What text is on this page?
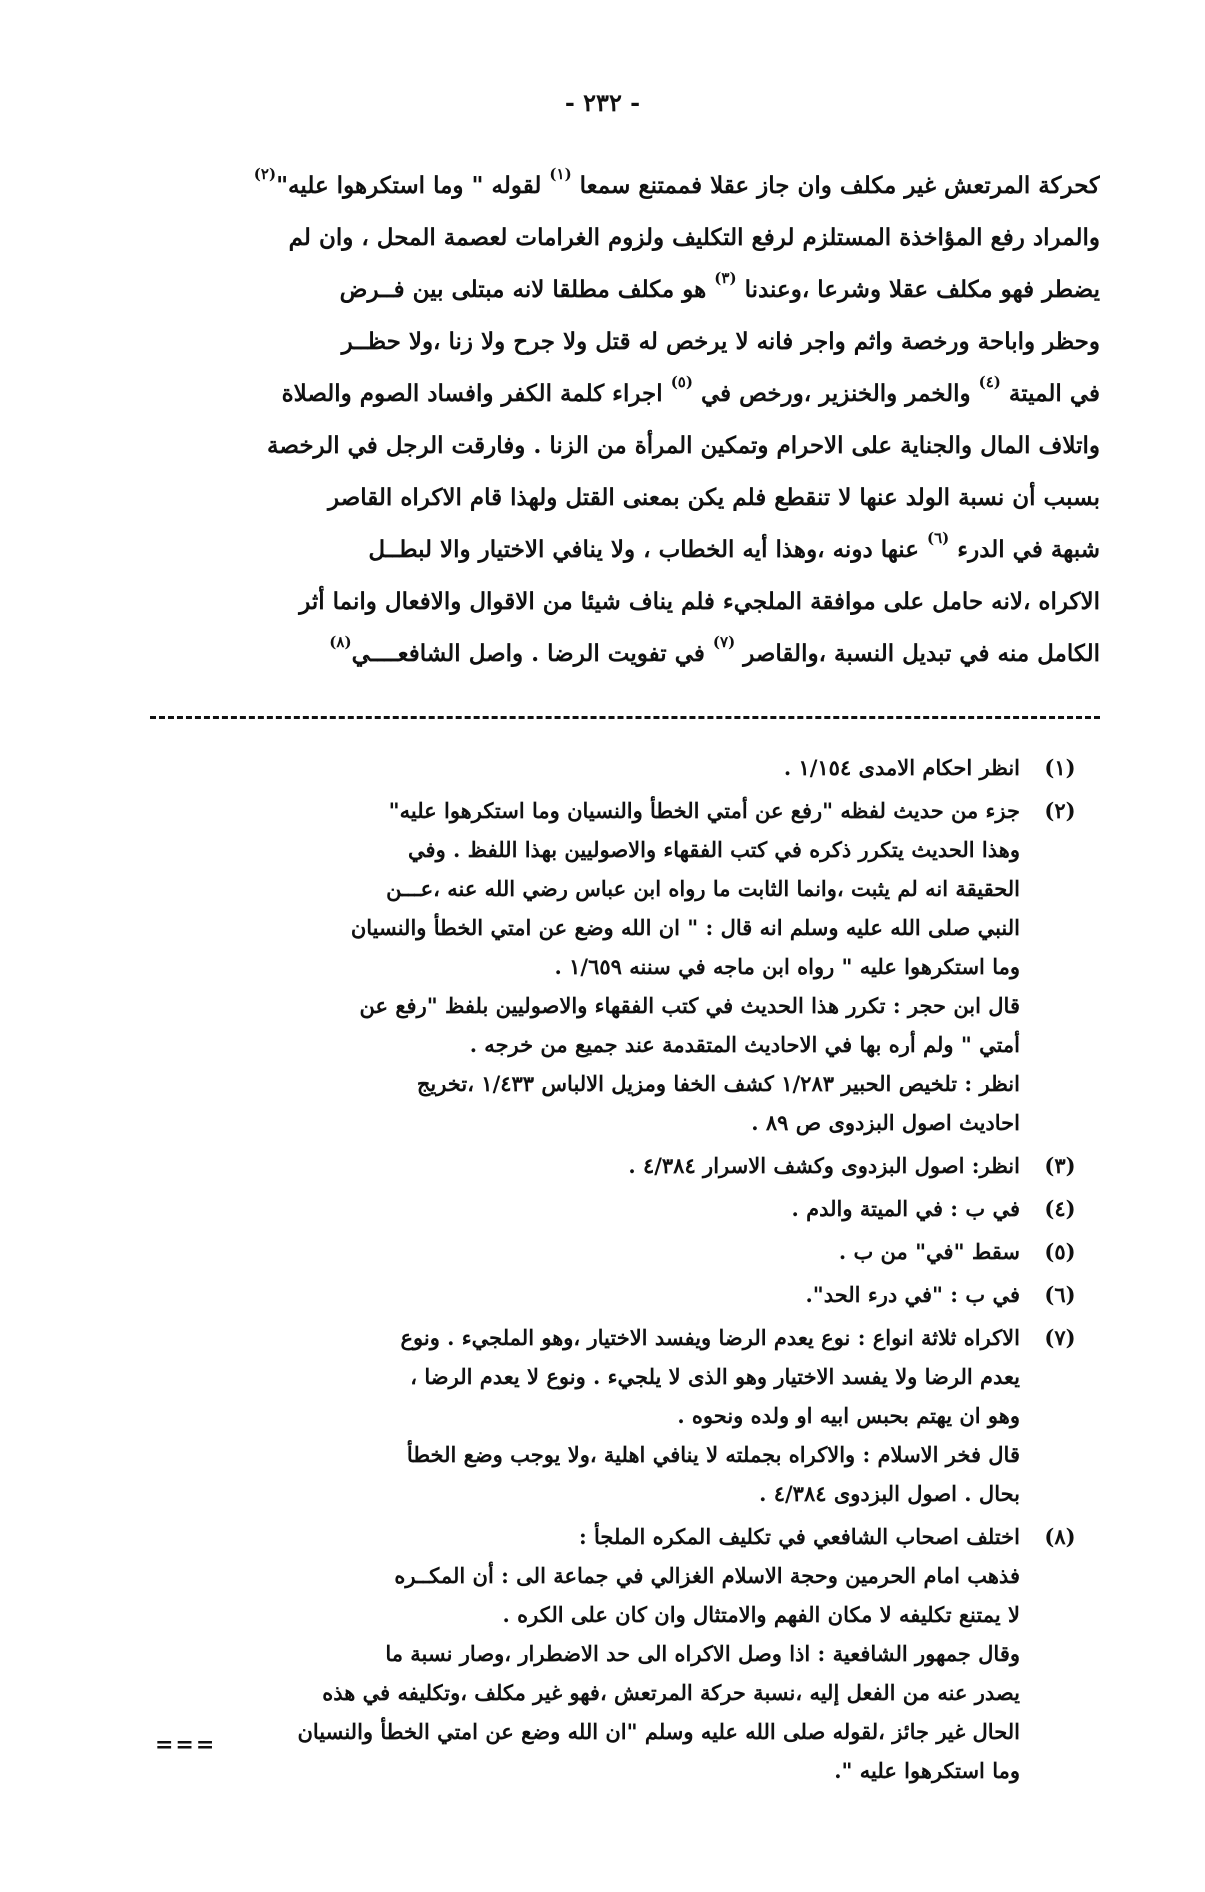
- ٢٣٢ -
كحركة المرتعش غير مكلف وان جاز عقلا فممتنع سمعا $^{(١)}$ لقوله " وما استكرهوا عليه"$^{(٢)}$
والمراد رفع المؤاخذة المستلزم لرفع التكليف ولزوم الغرامات لعصمة المحل ، وان لم
يضطر فهو مكلف عقلا وشرعا ،وعندنا $^{(٣)}$ هو مكلف مطلقا لانه مبتلى بين فــرض
وحظر واباحة ورخصة واثم واجر فانه لا يرخص له قتل ولا جرح ولا زنا ،ولا حظــر
في الميتة $^{(٤)}$ والخمر والخنزير ،ورخص في $^{(٥)}$ اجراء كلمة الكفر وافساد الصوم والصلاة
واتلاف المال والجناية على الاحرام وتمكين المرأة من الزنا . وفارقت الرجل في الرخصة
بسبب أن نسبة الولد عنها لا تنقطع فلم يكن بمعنى القتل ولهذا قام الاكراه القاصر
شبهة في الدرء $^{(٦)}$ عنها دونه ،وهذا أيه الخطاب ، ولا ينافي الاختيار والا لبطــل
الاكراه ،لانه حامل على موافقة الملجيء فلم يناف شيئا من الاقوال والافعال وانما أثر
الكامل منه في تبديل النسبة ،والقاصر $^{(٧)}$ في تفويت الرضا . واصل الشافعــــي$^{(٨)}$
(١)
انظر احكام الامدى ١/١٥٤ .
(٢)
جزء من حديث لفظه "رفع عن أمتي الخطأ والنسيان وما استكرهوا عليه"
وهذا الحديث يتكرر ذكره في كتب الفقهاء والاصوليين بهذا اللفظ . وفي
الحقيقة انه لم يثبت ،وانما الثابت ما رواه ابن عباس رضي الله عنه ،عـــن
النبي صلى الله عليه وسلم انه قال : " ان الله وضع عن امتي الخطأ والنسيان
وما استكرهوا عليه " رواه ابن ماجه في سننه ١/٦٥٩ .
قال ابن حجر : تكرر هذا الحديث في كتب الفقهاء والاصوليين بلفظ "رفع عن
أمتي " ولم أره بها في الاحاديث المتقدمة عند جميع من خرجه .
انظر : تلخيص الحبير ١/٢٨٣ كشف الخفا ومزيل الالباس ١/٤٣٣ ،تخريج
احاديث اصول البزدوى ص ٨٩ .
(٣)
انظر: اصول البزدوى وكشف الاسرار ٤/٣٨٤ .
(٤)
في ب : في الميتة والدم .
(٥)
سقط "في" من ب .
(٦)
في ب : "في درء الحد".
(٧)
الاكراه ثلاثة انواع : نوع يعدم الرضا ويفسد الاختيار ،وهو الملجيء . ونوع
يعدم الرضا ولا يفسد الاختيار وهو الذى لا يلجيء . ونوع لا يعدم الرضا ،
وهو ان يهتم بحبس ابيه او ولده ونحوه .
قال فخر الاسلام : والاكراه بجملته لا ينافي اهلية ،ولا يوجب وضع الخطأ
بحال . اصول البزدوى ٤/٣٨٤ .
(٨)
اختلف اصحاب الشافعي في تكليف المكره الملجأ :
فذهب امام الحرمين وحجة الاسلام الغزالي في جماعة الى : أن المكــره
لا يمتنع تكليفه لا مكان الفهم والامتثال وان كان على الكره .
وقال جمهور الشافعية : اذا وصل الاكراه الى حد الاضطرار ،وصار نسبة ما
يصدر عنه من الفعل إليه ،نسبة حركة المرتعش ،فهو غير مكلف ،وتكليفه في هذه
الحال غير جائز ،لقوله صلى الله عليه وسلم "ان الله وضع عن امتي الخطأ والنسيان
وما استكرهوا عليه ".
===
